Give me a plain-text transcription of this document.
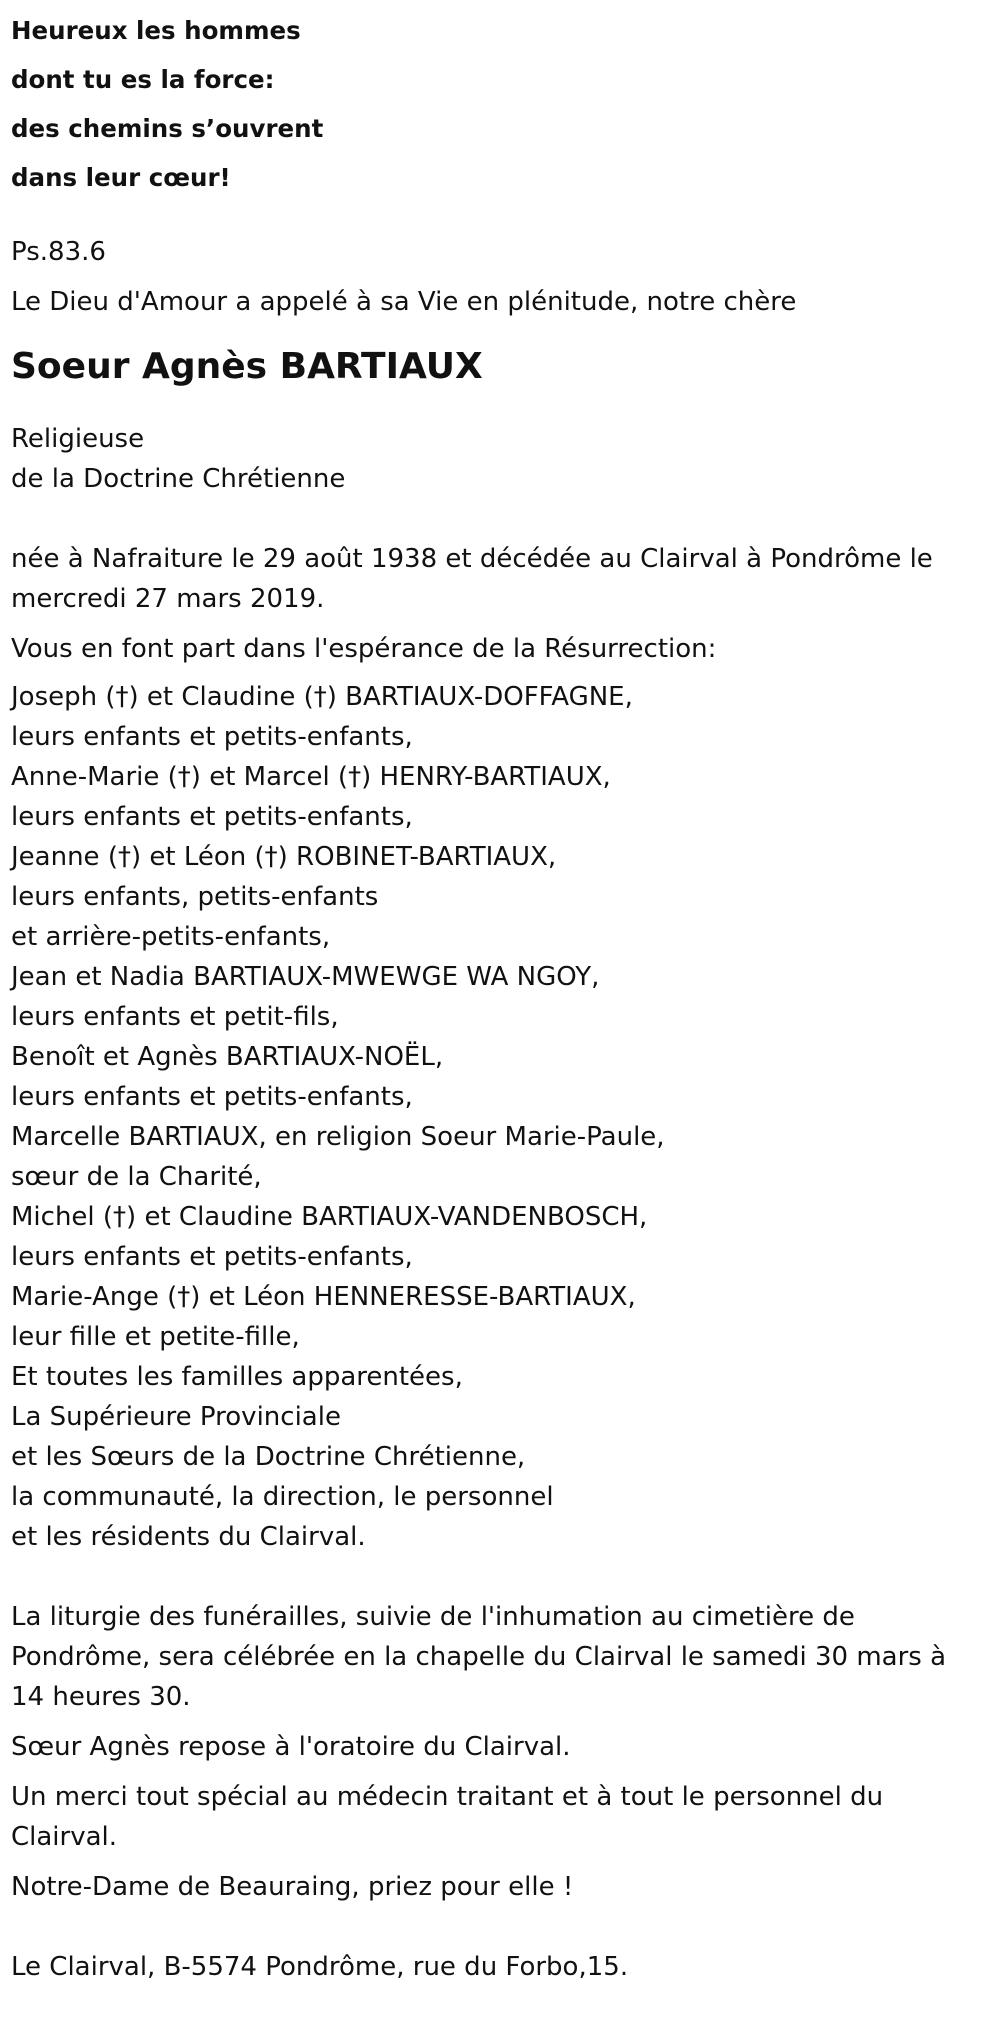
Heureux les hommes
dont tu es la force:
des chemins s’ouvrent
dans leur cœur!

Ps.83.6

Le Dieu d'Amour a appelé à sa Vie en plénitude, notre chère

Soeur Agnès BARTIAUX
Religieuse
de la Doctrine Chrétienne

née à Nafraiture le 29 août 1938 et décédée au Clairval à Pondrôme le mercredi 27 mars 2019.

Vous en font part dans l'espérance de la Résurrection:

Joseph (†) et Claudine (†) BARTIAUX-DOFFAGNE,
leurs enfants et petits-enfants,
Anne-Marie (†) et Marcel (†) HENRY-BARTIAUX,
leurs enfants et petits-enfants,
Jeanne (†) et Léon (†) ROBINET-BARTIAUX,
leurs enfants, petits-enfants
et arrière-petits-enfants,
Jean et Nadia BARTIAUX-MWEWGE WA NGOY,
leurs enfants et petit-fils,
Benoît et Agnès BARTIAUX-NOËL,
leurs enfants et petits-enfants,
Marcelle BARTIAUX, en religion Soeur Marie-Paule,
sœur de la Charité,
Michel (†) et Claudine BARTIAUX-VANDENBOSCH,
leurs enfants et petits-enfants,
Marie-Ange (†) et Léon HENNERESSE-BARTIAUX,
leur fille et petite-fille,
Et toutes les familles apparentées,
La Supérieure Provinciale
et les Sœurs de la Doctrine Chrétienne,
la communauté, la direction, le personnel
et les résidents du Clairval.

La liturgie des funérailles, suivie de l'inhumation au cimetière de Pondrôme, sera célébrée en la chapelle du Clairval le samedi 30 mars à 14 heures 30.

Sœur Agnès repose à l'oratoire du Clairval.

Un merci tout spécial au médecin traitant et à tout le personnel du Clairval.

Notre-Dame de Beauraing, priez pour elle !

Le Clairval, B-5574 Pondrôme, rue du Forbo,15.
